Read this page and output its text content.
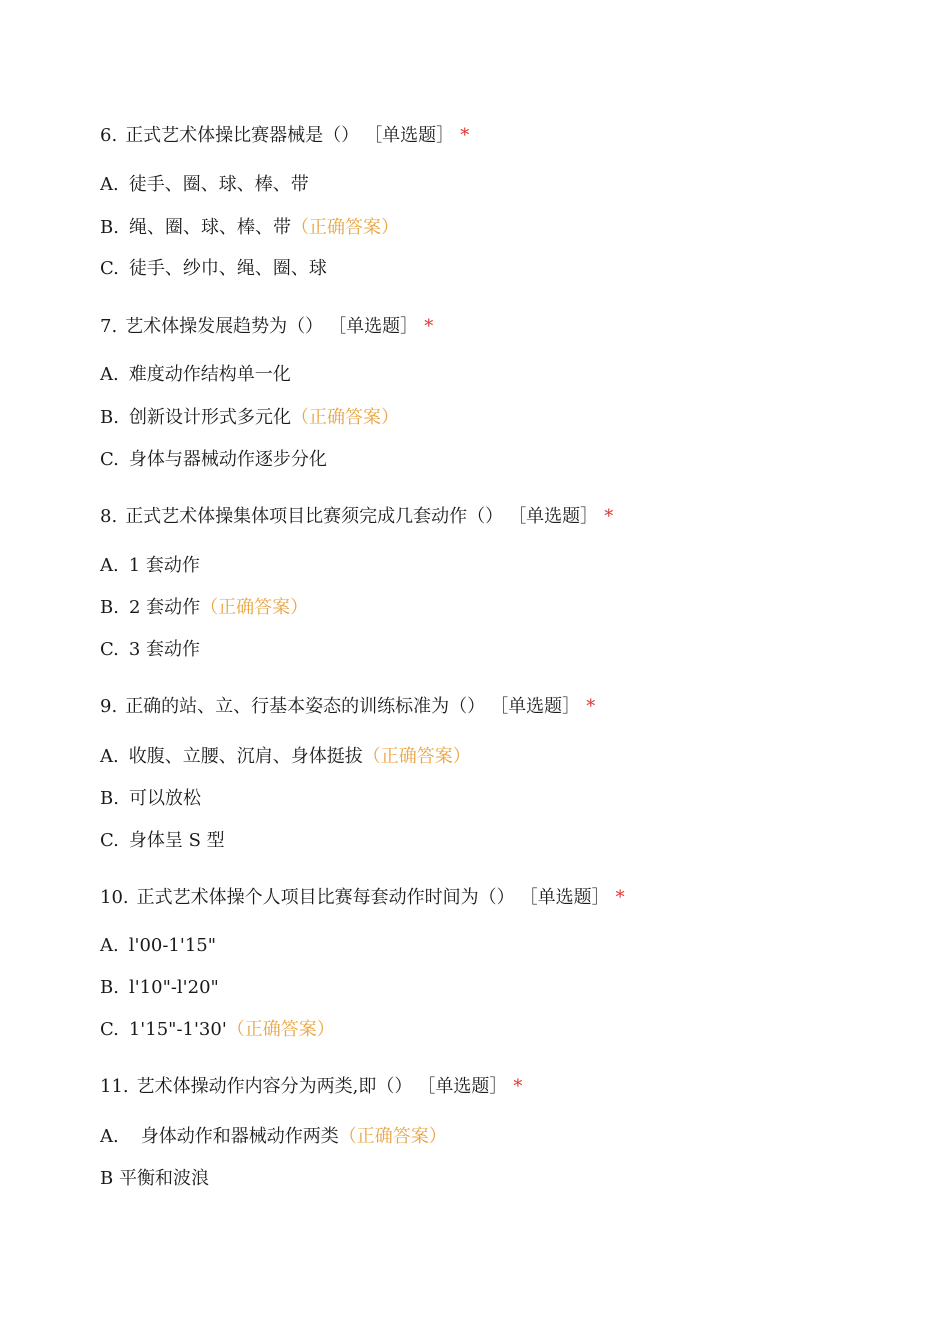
6. 正式艺术体操比赛器械是（） ［单选题］ *
A. 徒手、圈、球、棒、带
B. 绳、圈、球、棒、带（正确答案）
C. 徒手、纱巾、绳、圈、球
7. 艺术体操发展趋势为（） ［单选题］ *
A. 难度动作结构单一化
B. 创新设计形式多元化（正确答案）
C. 身体与器械动作逐步分化
8. 正式艺术体操集体项目比赛须完成几套动作（） ［单选题］ *
A. 1 套动作
B. 2 套动作（正确答案）
C. 3 套动作
9. 正确的站、立、行基本姿态的训练标准为（） ［单选题］ *
A. 收腹、立腰、沉肩、身体挺拔（正确答案）
B. 可以放松
C. 身体呈 S 型
10. 正式艺术体操个人项目比赛每套动作时间为（） ［单选题］ *
A. l'00-1'15"
B. l'10"-l'20"
C. 1'15"-1'30'（正确答案）
11. 艺术体操动作内容分为两类,即（） ［单选题］ *
A. 身体动作和器械动作两类（正确答案）
B 平衡和波浪
